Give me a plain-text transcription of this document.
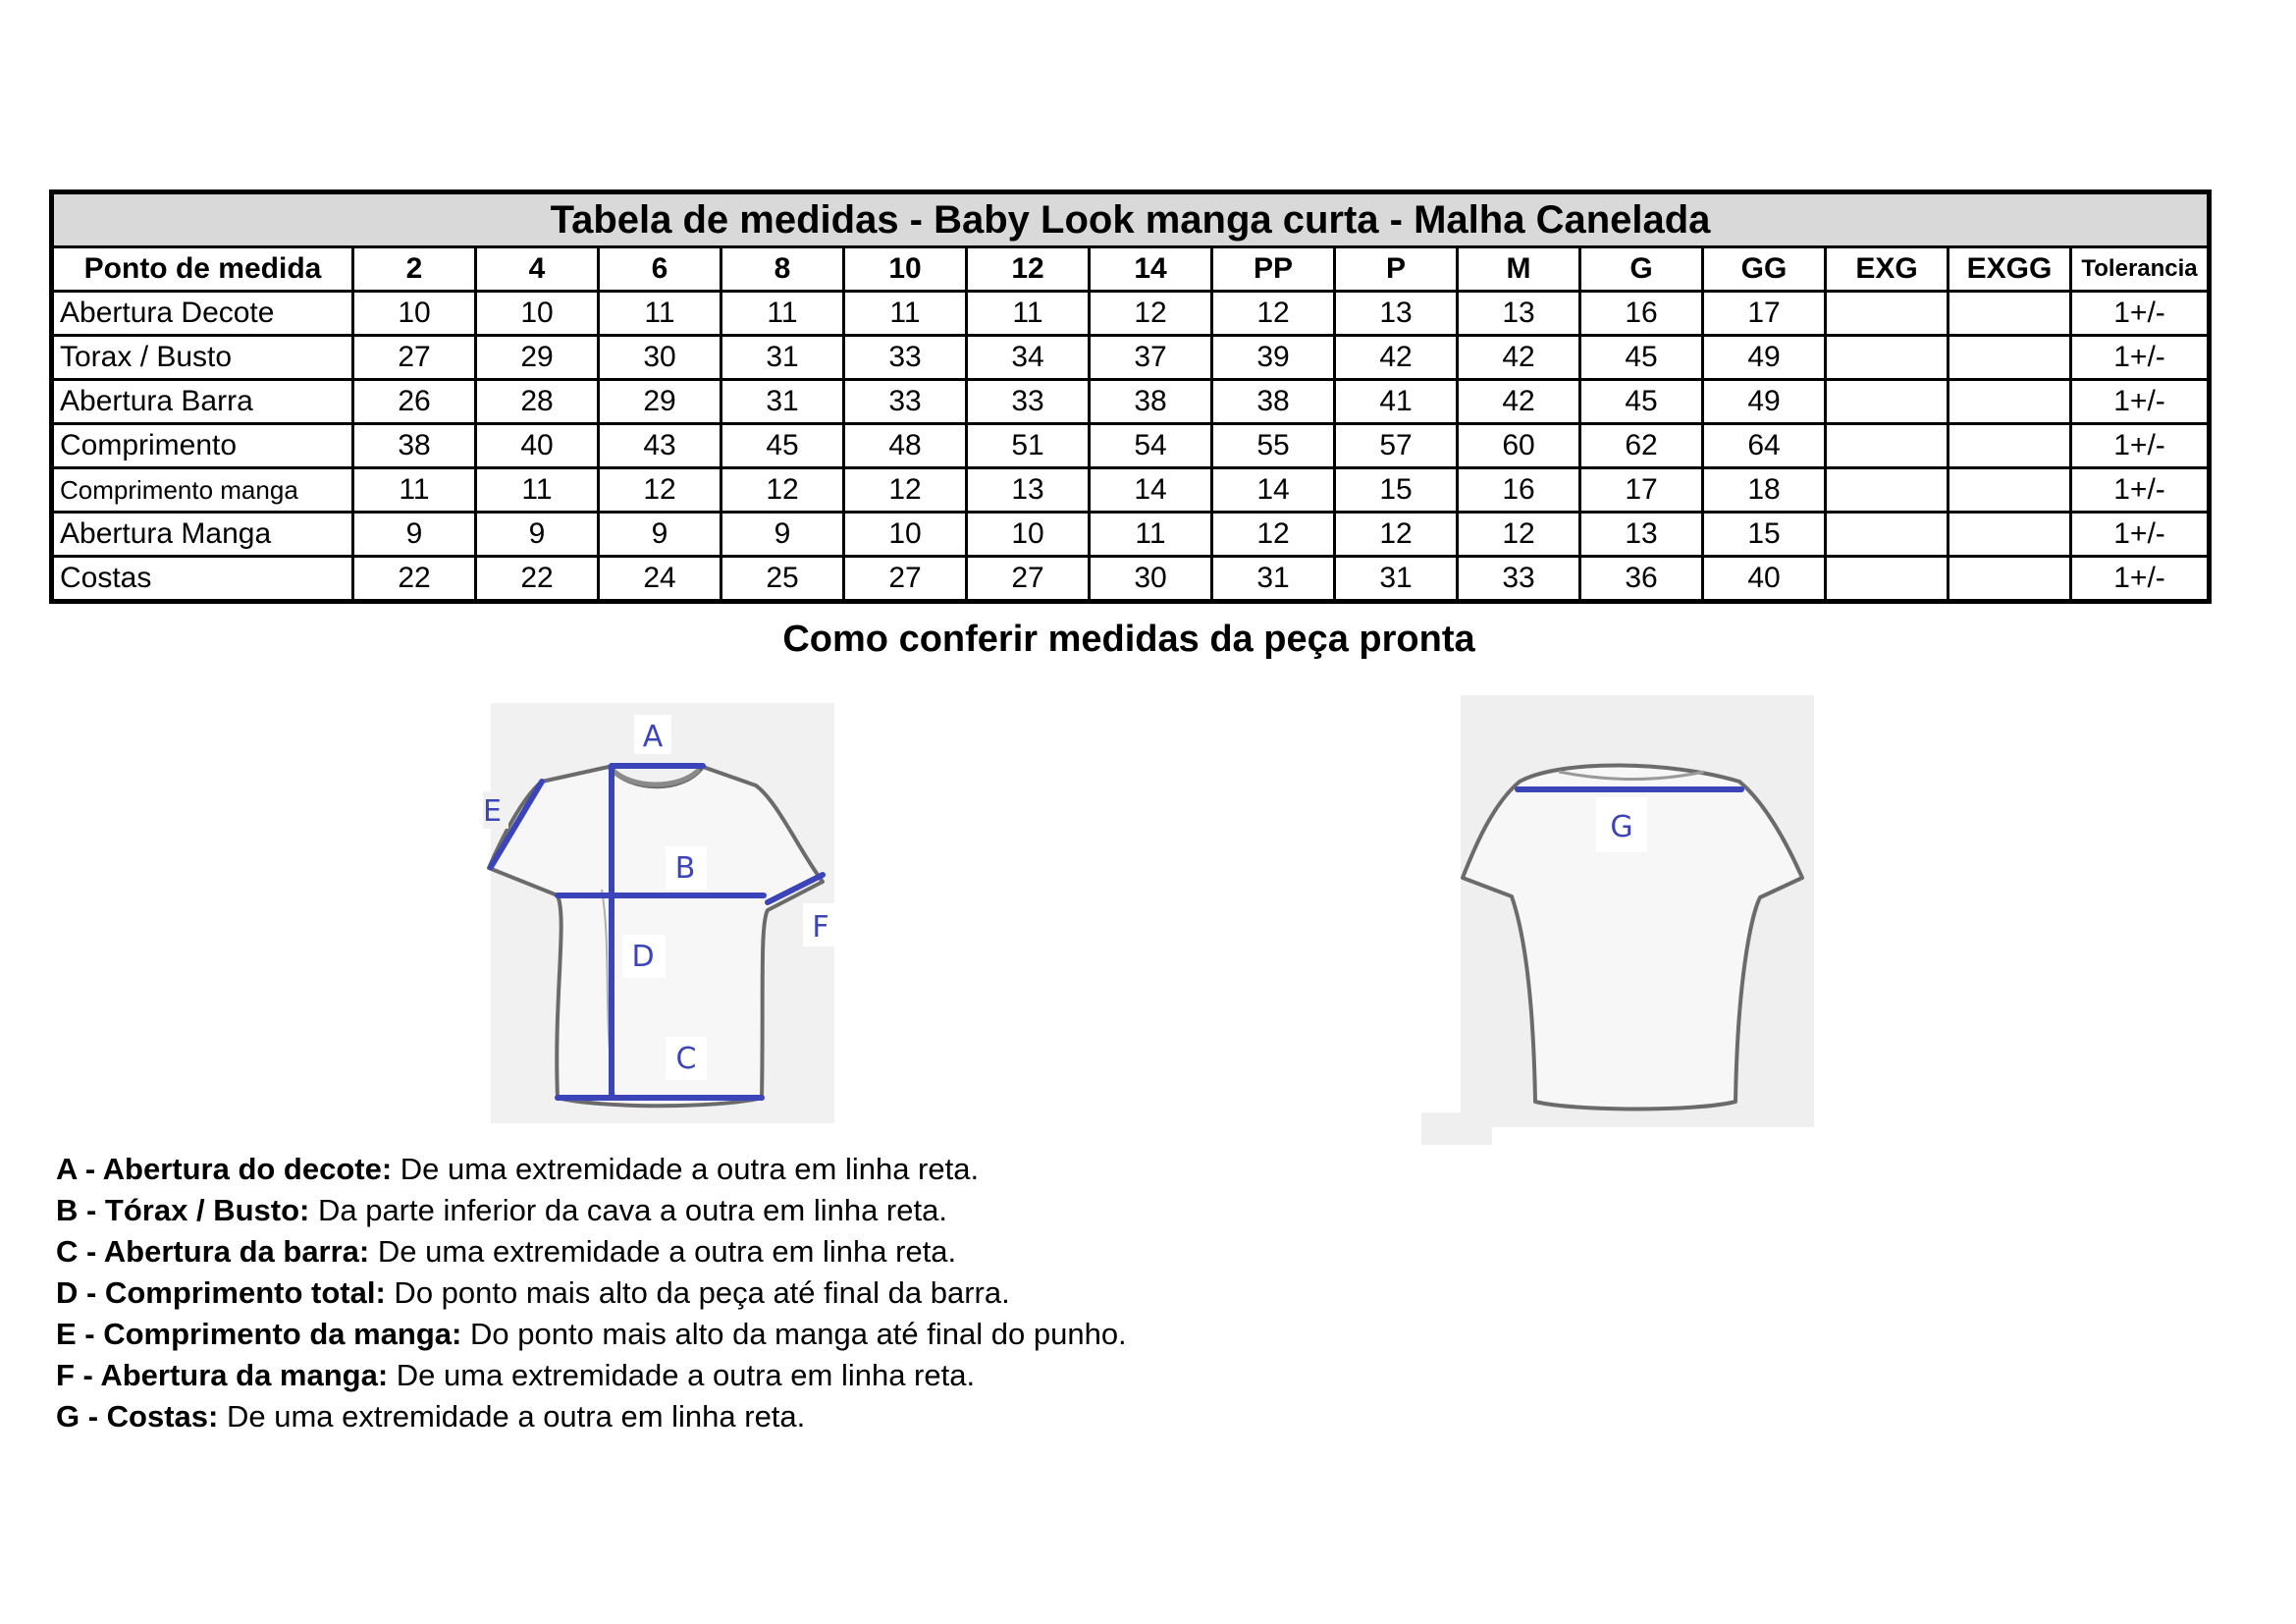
Tabela de medidas - Baby Look manga curta - Malha Canelada															
Ponto de medida	2	4	6	8	10	12	14	PP	P	M	G	GG	EXG	EXGG	Tolerancia
Abertura Decote	10	10	11	11	11	11	12	12	13	13	16	17			1+/-
Torax / Busto	27	29	30	31	33	34	37	39	42	42	45	49			1+/-
Abertura Barra	26	28	29	31	33	33	38	38	41	42	45	49			1+/-
Comprimento	38	40	43	45	48	51	54	55	57	60	62	64			1+/-
Comprimento manga	11	11	12	12	12	13	14	14	15	16	17	18			1+/-
Abertura Manga	9	9	9	9	10	10	11	12	12	12	13	15			1+/-
Costas	22	22	24	25	27	27	30	31	31	33	36	40			1+/-
Como conferir medidas da peça pronta
A
E
B
F
D
C
G
A - Abertura do decote: De uma extremidade a outra em linha reta.
B - Tórax / Busto: Da parte inferior da cava a outra em linha reta.
C - Abertura da barra: De uma extremidade a outra em linha reta.
D - Comprimento total: Do ponto mais alto da peça até final da barra.
E - Comprimento da manga: Do ponto mais alto da manga até final do punho.
F - Abertura da manga: De uma extremidade a outra em linha reta.
G - Costas: De uma extremidade a outra em linha reta.
